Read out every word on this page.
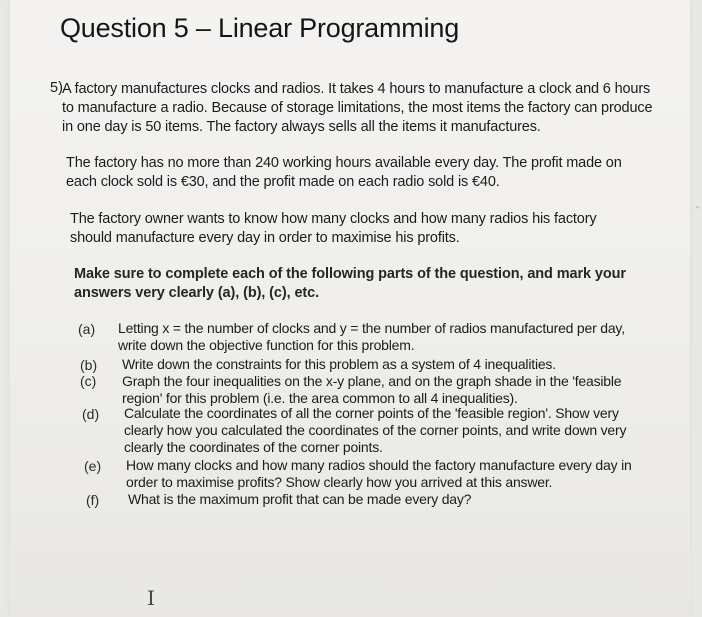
Question 5 – Linear Programming
5) A factory manufactures clocks and radios. It takes 4 hours to manufacture a clock and 6 hours to manufacture a radio. Because of storage limitations, the most items the factory can produce in one day is 50 items. The factory always sells all the items it manufactures.
The factory has no more than 240 working hours available every day. The profit made on each clock sold is €30, and the profit made on each radio sold is €40.
The factory owner wants to know how many clocks and how many radios his factory should manufacture every day in order to maximise his profits.
Make sure to complete each of the following parts of the question, and mark your answers very clearly (a), (b), (c), etc.
(a) Letting x = the number of clocks and y = the number of radios manufactured per day, write down the objective function for this problem.
(b) Write down the constraints for this problem as a system of 4 inequalities.
(c) Graph the four inequalities on the x-y plane, and on the graph shade in the 'feasible region' for this problem (i.e. the area common to all 4 inequalities).
(d) Calculate the coordinates of all the corner points of the 'feasible region'. Show very clearly how you calculated the coordinates of the corner points, and write down very clearly the coordinates of the corner points.
(e) How many clocks and how many radios should the factory manufacture every day in order to maximise profits? Show clearly how you arrived at this answer.
(f) What is the maximum profit that can be made every day?
I
⌃
